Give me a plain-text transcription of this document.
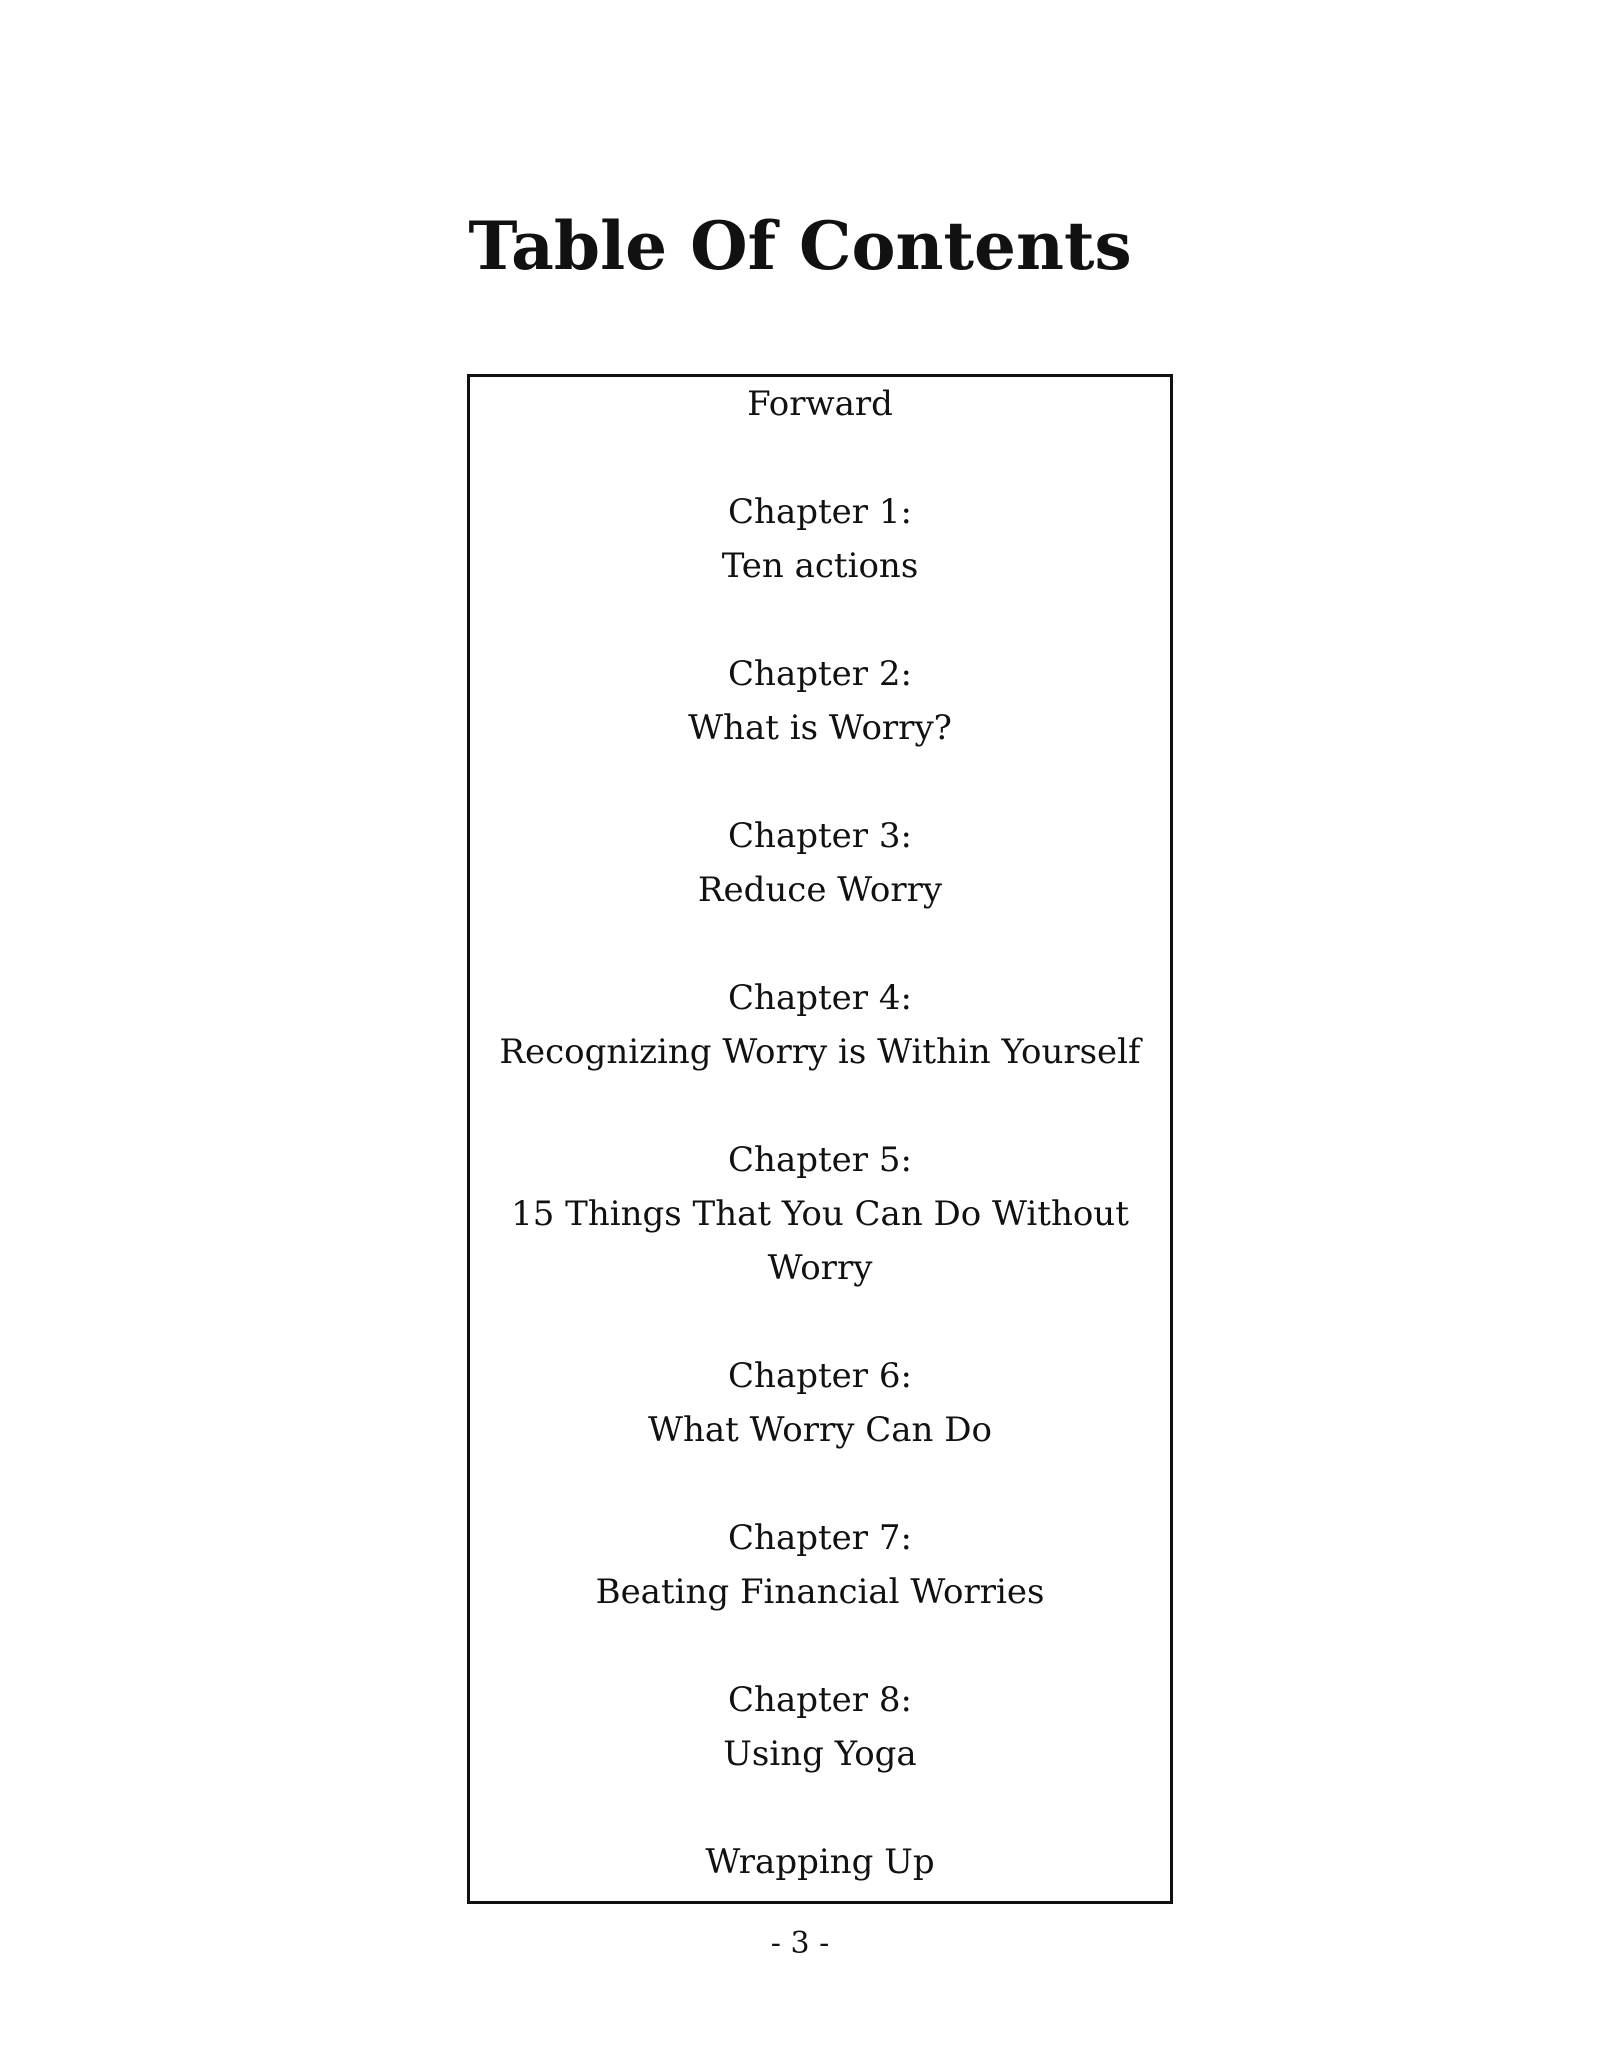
Table Of Contents
Forward
Chapter 1:
Ten actions
Chapter 2:
What is Worry?
Chapter 3:
Reduce Worry
Chapter 4:
Recognizing Worry is Within Yourself
Chapter 5:
15 Things That You Can Do Without
Worry
Chapter 6:
What Worry Can Do
Chapter 7:
Beating Financial Worries
Chapter 8:
Using Yoga
Wrapping Up
- 3 -
